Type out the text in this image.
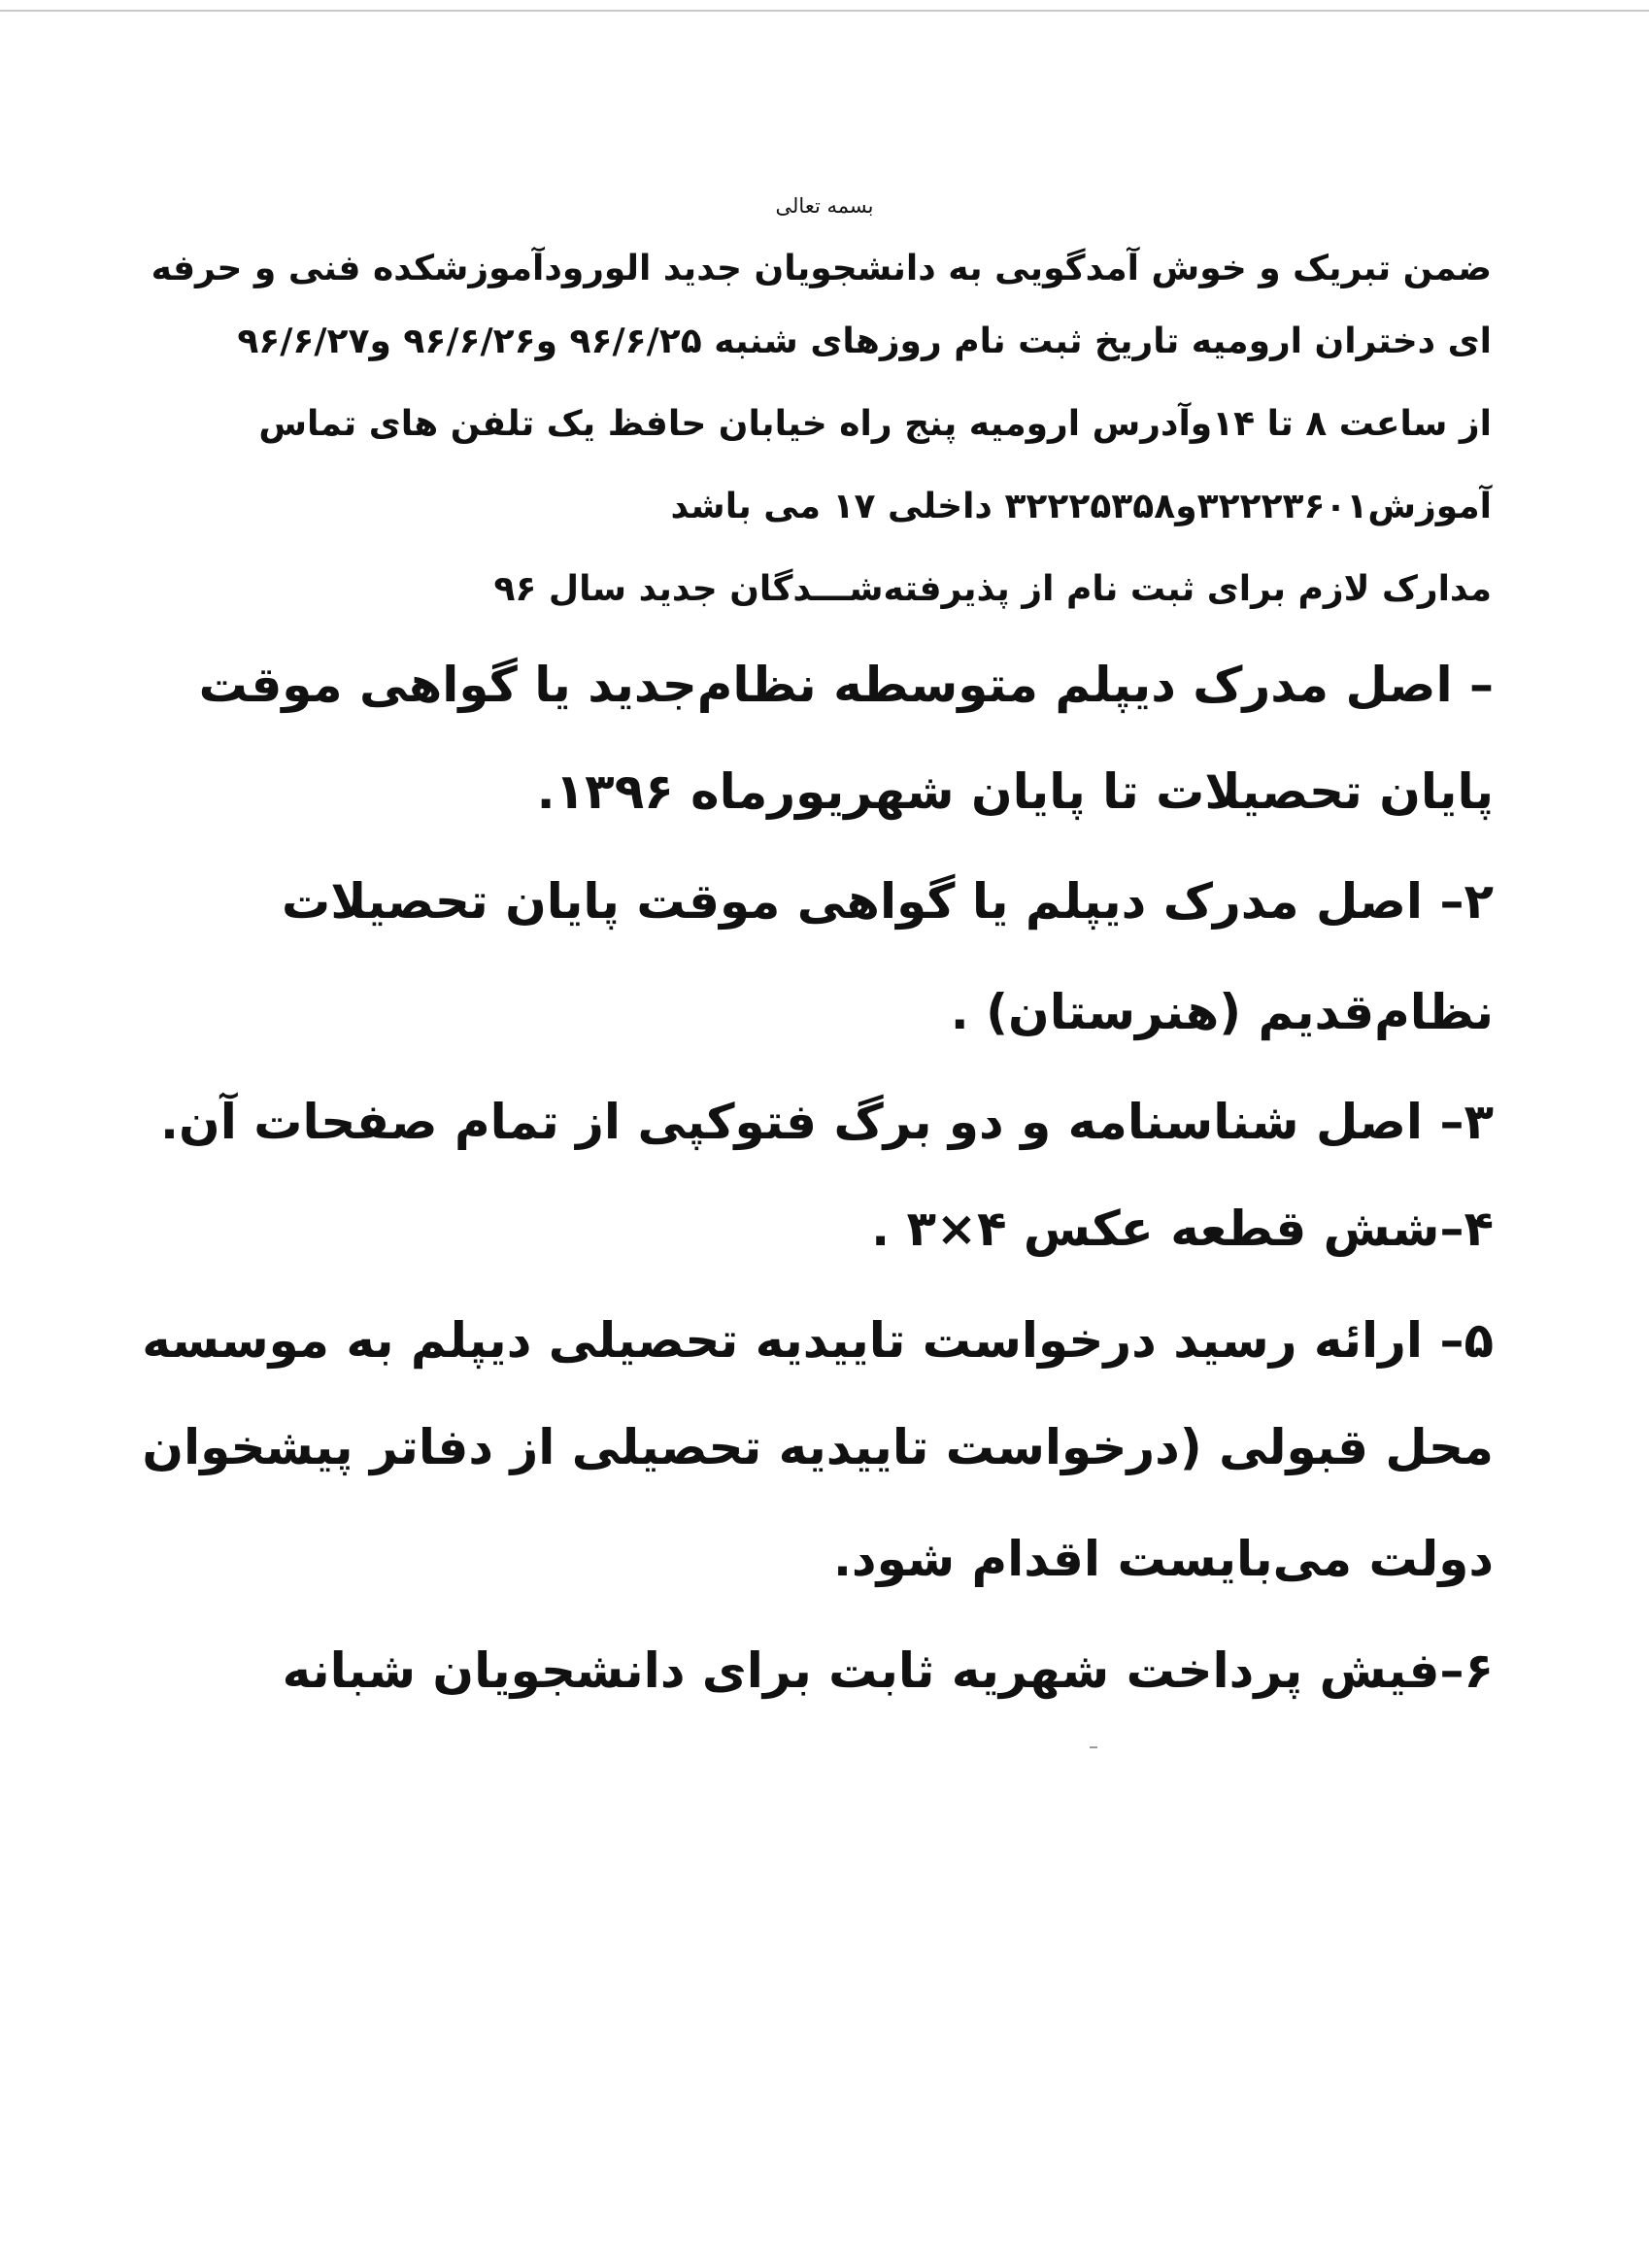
بسمه تعالی
ضمن تبریک و خوش آمدگویی به دانشجویان جدید الورودآموزشکده فنی و حرفه
ای دختران ارومیه تاریخ ثبت نام روزهای شنبه ۹۶/۶/۲۵ و۹۶/۶/۲۶ و۹۶/۶/۲۷
از ساعت ۸ تا ۱۴وآدرس ارومیه پنج راه خیابان حافظ یک تلفن های تماس
آموزش۳۲۲۲۳۶۰۱و۳۲۲۲۵۳۵۸ داخلی ۱۷ می باشد
مدارک لازم برای ثبت نام از پذیرفته‌شـــدگان جدید سال ۹۶
– اصل مدرک دیپلم متوسطه نظام‌جدید یا گواهی موقت
پایان تحصیلات تا پایان شهریورماه ۱۳۹۶.
۲– اصل مدرک دیپلم یا گواهی موقت پایان تحصیلات
نظام‌قدیم (هنرستان) .
۳– اصل شناسنامه و دو برگ فتوکپی از تمام صفحات آن.
۴–شش قطعه عکس ۴×۳ .
۵– ارائه رسید درخواست تاییدیه تحصیلی دیپلم به موسسه
محل قبولی (درخواست تاییدیه تحصیلی از دفاتر پیشخوان
دولت می‌بایست اقدام شود.
۶–فیش پرداخت شهریه ثابت برای دانشجویان شبانه
